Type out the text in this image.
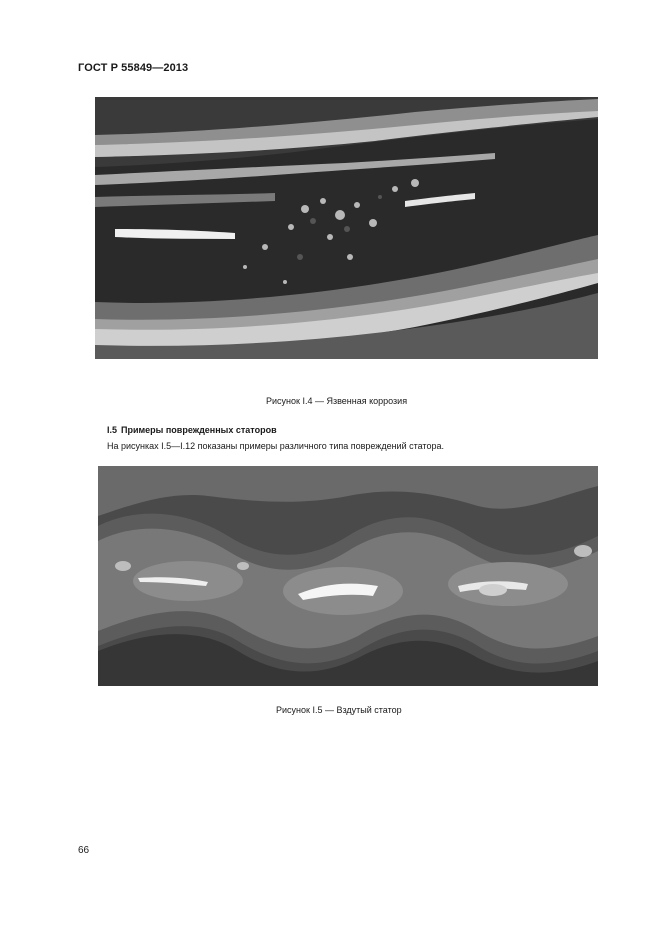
ГОСТ Р 55849—2013
Рисунок I.4 — Язвенная коррозия
I.5 Примеры поврежденных статоров
На рисунках I.5—I.12 показаны примеры различного типа повреждений статора.
Рисунок I.5 — Вздутый статор
66
